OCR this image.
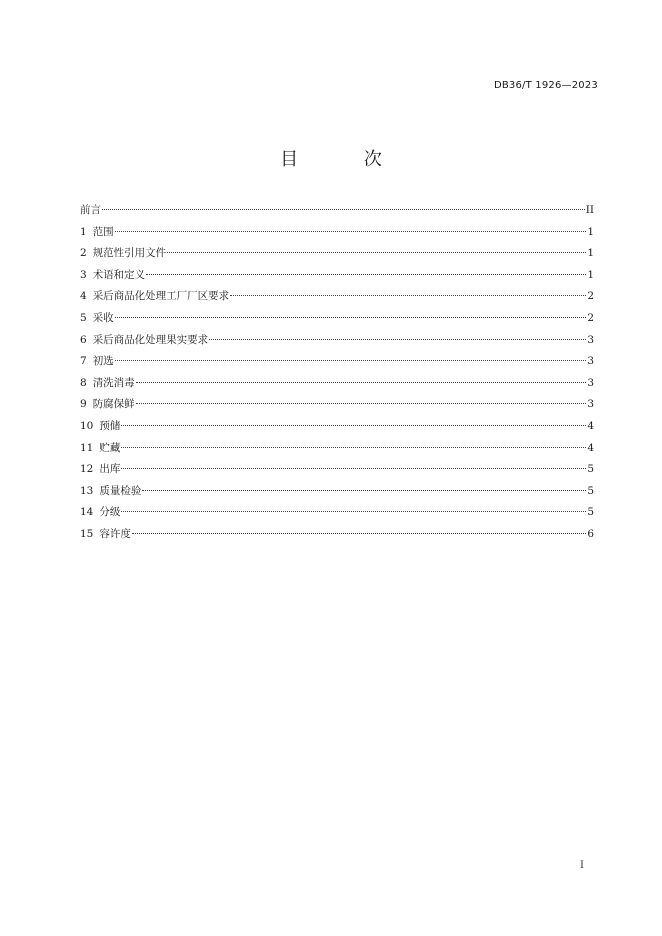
DB36/T 1926—2023
目 次
前言	II
1 范围	1
2 规范性引用文件	1
3 术语和定义	1
4 采后商品化处理工厂厂区要求	2
5 采收	2
6 采后商品化处理果实要求	3
7 初选	3
8 清洗消毒	3
9 防腐保鲜	3
10 预储	4
11 贮藏	4
12 出库	5
13 质量检验	5
14 分级	5
15 容许度	6
I
